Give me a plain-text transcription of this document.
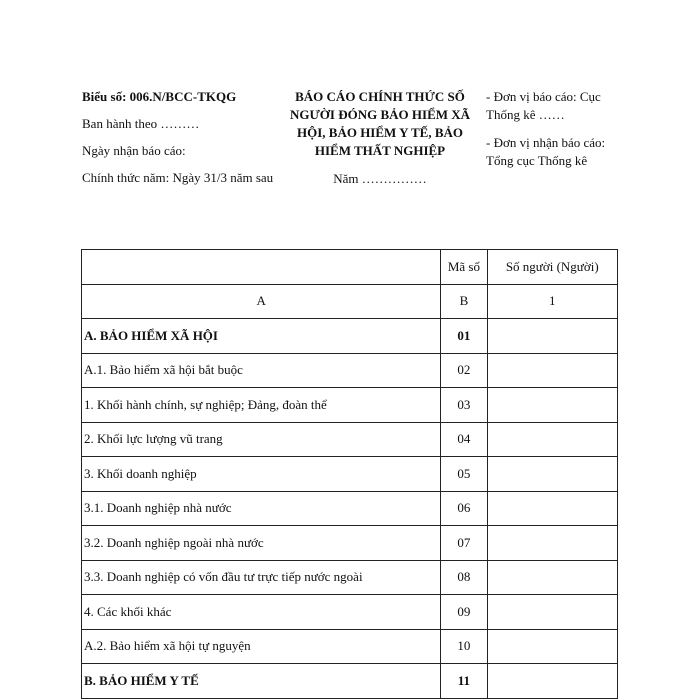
Biểu số: 006.N/BCC-TKQG
Ban hành theo ………
Ngày nhận báo cáo:
Chính thức năm: Ngày 31/3 năm sau
BÁO CÁO CHÍNH THỨC SỐ NGƯỜI ĐÓNG BẢO HIỂM XÃ HỘI, BẢO HIỂM Y TẾ, BẢO HIỂM THẤT NGHIỆP
Năm ……………
- Đơn vị báo cáo: Cục Thống kê ……
- Đơn vị nhận báo cáo: Tổng cục Thống kê
	Mã số	Số người (Người)
A	B	1
A. BẢO HIỂM XÃ HỘI	01	
A.1. Bảo hiểm xã hội bắt buộc	02	
1. Khối hành chính, sự nghiệp; Đảng, đoàn thể	03	
2. Khối lực lượng vũ trang	04	
3. Khối doanh nghiệp	05	
3.1. Doanh nghiệp nhà nước	06	
3.2. Doanh nghiệp ngoài nhà nước	07	
3.3. Doanh nghiệp có vốn đầu tư trực tiếp nước ngoài	08	
4. Các khối khác	09	
A.2. Bảo hiểm xã hội tự nguyện	10	
B. BẢO HIỂM Y TẾ	11	
